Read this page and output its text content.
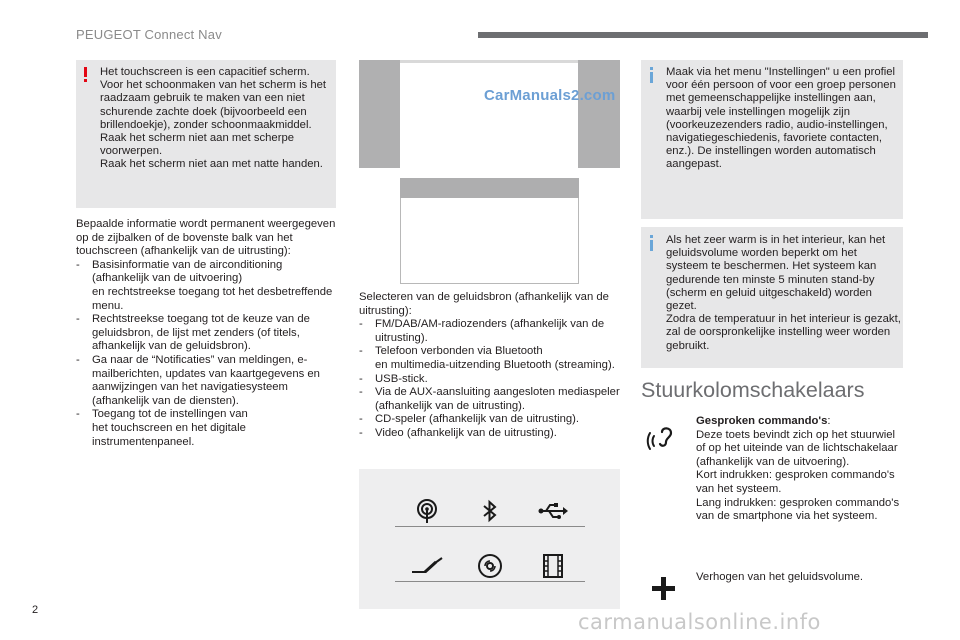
PEUGEOT Connect Nav
Het touchscreen is een capacitief scherm.
Voor het schoonmaken van het scherm is het raadzaam gebruik te maken van een niet schurende zachte doek (bijvoorbeeld een brillendoekje), zonder schoonmaakmiddel.
Raak het scherm niet aan met scherpe voorwerpen.
Raak het scherm niet aan met natte handen.
Bepaalde informatie wordt permanent weergegeven op de zijbalken of de bovenste balk van het touchscreen (afhankelijk van de uitrusting):
- Basisinformatie van de airconditioning (afhankelijk van de uitvoering)
en rechtstreekse toegang tot het desbetreffende menu.
- Rechtstreekse toegang tot de keuze van de geluidsbron, de lijst met zenders (of titels, afhankelijk van de geluidsbron).
- Ga naar de “Notificaties” van meldingen, e-mailberichten, updates van kaartgegevens en aanwijzingen van het navigatiesysteem (afhankelijk van de diensten).
- Toegang tot de instellingen van
het touchscreen en het digitale instrumentenpaneel.
CarManuals2.com
Selecteren van de geluidsbron (afhankelijk van de uitrusting):
- FM/DAB/AM-radiozenders (afhankelijk van de uitrusting).
- Telefoon verbonden via Bluetooth
en multimedia-uitzending Bluetooth (streaming).
- USB-stick.
- Via de AUX-aansluiting aangesloten mediaspeler (afhankelijk van de uitrusting).
- CD-speler (afhankelijk van de uitrusting).
- Video (afhankelijk van de uitrusting).
Maak via het menu "Instellingen" u een profiel voor één persoon of voor een groep personen met gemeenschappelijke instellingen aan, waarbij vele instellingen mogelijk zijn (voorkeuzezenders radio, audio-instellingen, navigatiegeschiedenis, favoriete contacten, enz.). De instellingen worden automatisch aangepast.
Als het zeer warm is in het interieur, kan het geluidsvolume worden beperkt om het systeem te beschermen. Het systeem kan gedurende ten minste 5 minuten stand-by (scherm en geluid uitgeschakeld) worden gezet.
Zodra de temperatuur in het interieur is gezakt, zal de oorspronkelijke instelling weer worden gebruikt.
Stuurkolomschakelaars
Gesproken commando's:
Deze toets bevindt zich op het stuurwiel of op het uiteinde van de lichtschakelaar (afhankelijk van de uitvoering).
Kort indrukken: gesproken commando's van het systeem.
Lang indrukken: gesproken commando's van de smartphone via het systeem.
Verhogen van het geluidsvolume.
2	carmanualsonline.info
